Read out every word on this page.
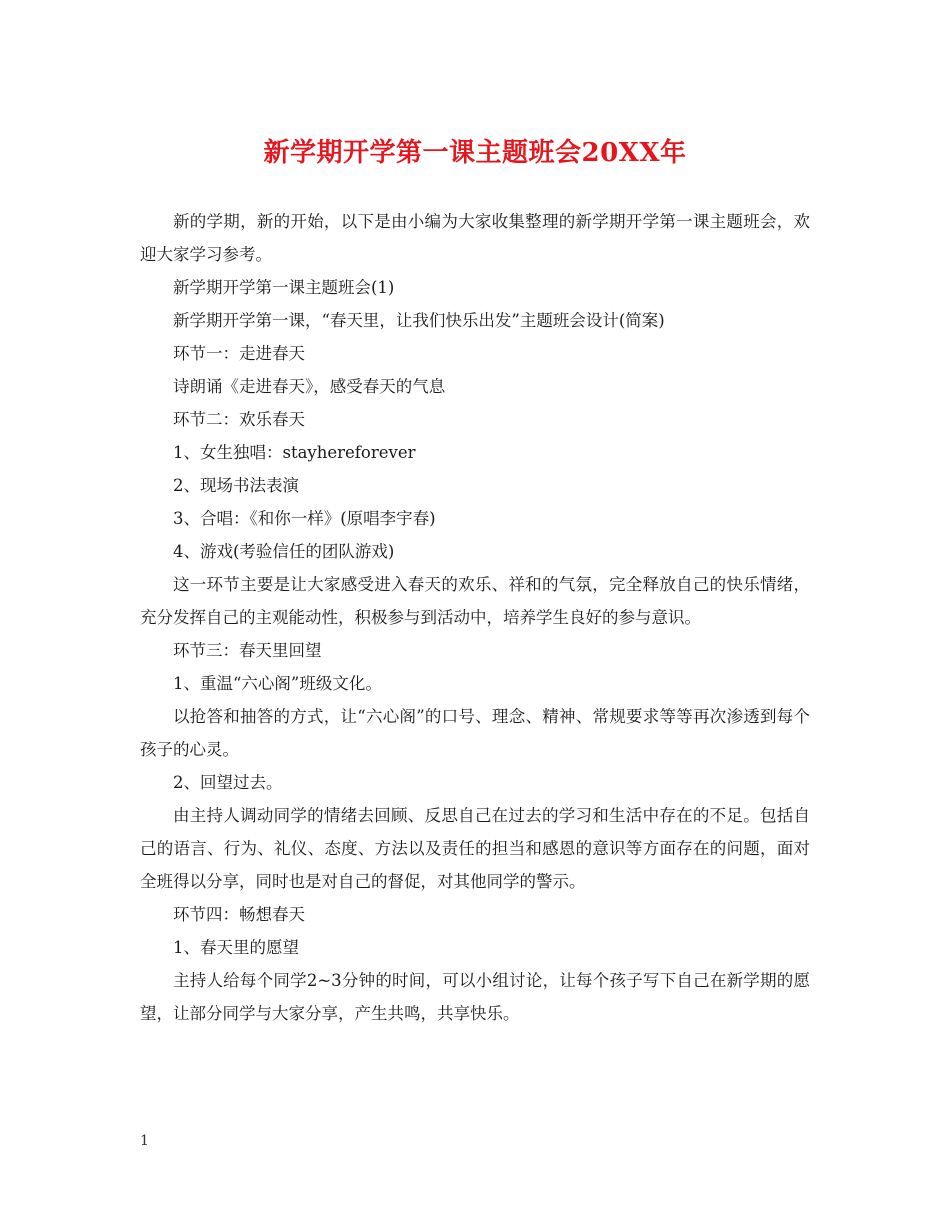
新学期开学第一课主题班会20XX年

新的学期，新的开始，以下是由小编为大家收集整理的新学期开学第一课主题班会，欢迎大家学习参考。

新学期开学第一课主题班会(1)

新学期开学第一课，“春天里，让我们快乐出发”主题班会设计(简案)

环节一：走进春天

诗朗诵《走进春天》，感受春天的气息

环节二：欢乐春天

1、女生独唱：stayhereforever

2、现场书法表演

3、合唱：《和你一样》(原唱李宇春)

4、游戏(考验信任的团队游戏)

这一环节主要是让大家感受进入春天的欢乐、祥和的气氛，完全释放自己的快乐情绪，充分发挥自己的主观能动性，积极参与到活动中，培养学生良好的参与意识。

环节三：春天里回望

1、重温“六心阁”班级文化。

以抢答和抽答的方式，让“六心阁”的口号、理念、精神、常规要求等等再次渗透到每个孩子的心灵。

2、回望过去。

由主持人调动同学的情绪去回顾、反思自己在过去的学习和生活中存在的不足。包括自己的语言、行为、礼仪、态度、方法以及责任的担当和感恩的意识等方面存在的问题，面对全班得以分享，同时也是对自己的督促，对其他同学的警示。

环节四：畅想春天

1、春天里的愿望

主持人给每个同学2~3分钟的时间，可以小组讨论，让每个孩子写下自己在新学期的愿望，让部分同学与大家分享，产生共鸣，共享快乐。

1
